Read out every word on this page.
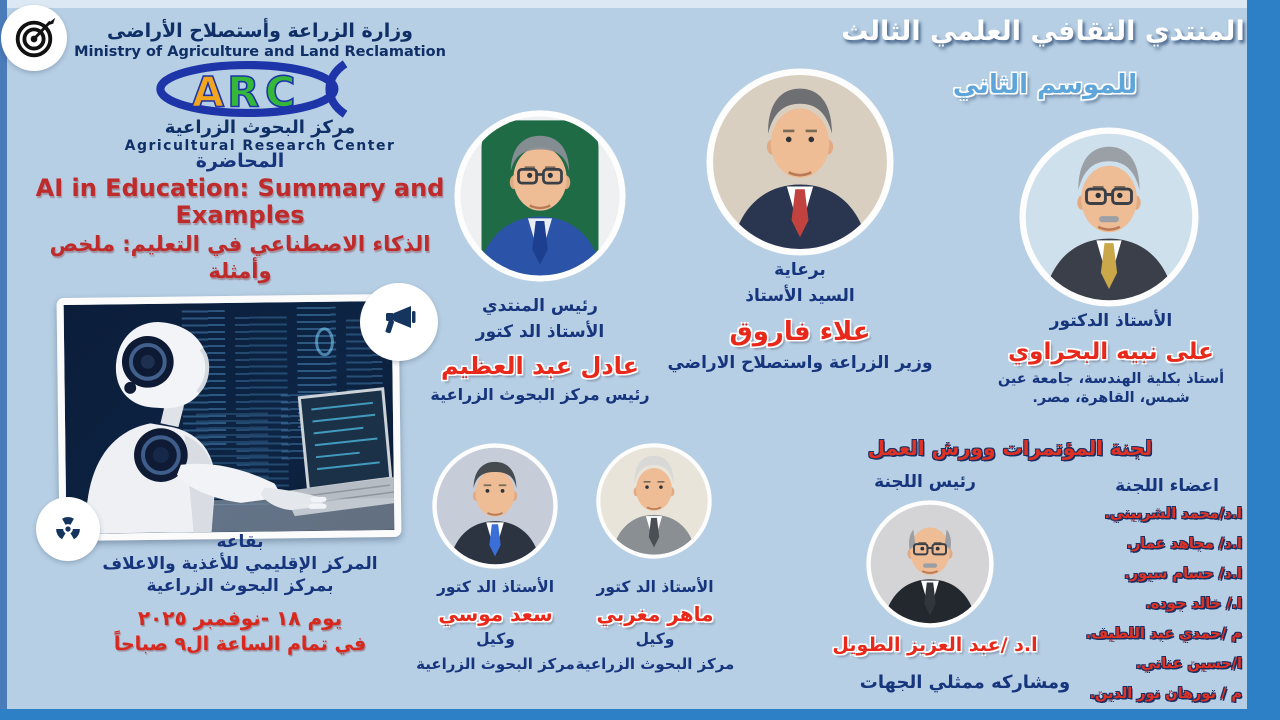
وزارة الزراعة وأستصلاح الأراضى
Ministry of Agriculture and Land Reclamation
A R C
مركز البحوث الزراعية
Agricultural Research Center
المنتدي الثقافي العلمي الثالث
للموسم الثاني
المحاضرة
AI in Education: Summary and Examples
الذكاء الاصطناعي في التعليم: ملخص وأمثلة
بقاعه
المركز الإقليمي للأغذية والاعلاف
بمركز البحوث الزراعية
يوم ١٨ -نوفمبر ٢٠٢٥
في تمام الساعة ال٩ صباحاً
رئيس المنتدي
الأستاذ الد كتور
عادل عبد العظيم
رئيس مركز البحوث الزراعية
برعاية
السيد الأستاذ
علاء فاروق
وزير الزراعة واستصلاح الاراضي
الأستاذ الدكتور
على نبيه البحراوي
أستاذ بكلية الهندسة، جامعة عين شمس، القاهرة، مصر.
لجنة المؤتمرات وورش العمل
رئيس اللجنة
ا.د /عبد العزيز الطويل
ومشاركه ممثلي الجهات
اعضاء اللجنة
ا.د/محمد الشربيني.
ا.د/ مجاهد عمار.
ا.د/ حسام سيور.
ا./ خالد جوده.
م /حمدي عبد اللطيف.
ا/حسين عناني.
م / نورهان نور الدين.
الأستاذ الد كتور
سعد موسي
وكيل
مركز البحوث الزراعية
الأستاذ الد كتور
ماهر مغربي
وكيل
مركز البحوث الزراعية
